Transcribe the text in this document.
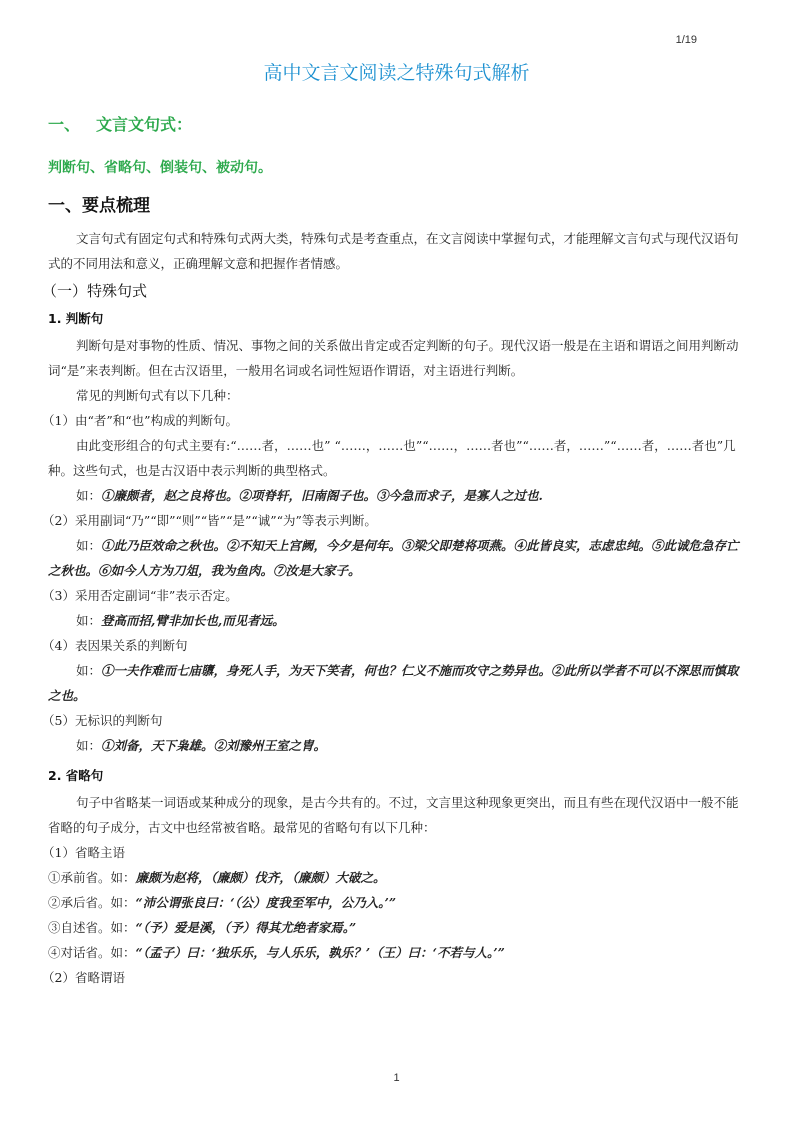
1/19
高中文言文阅读之特殊句式解析
一、 文言文句式：
判断句、省略句、倒装句、被动句。
一、要点梳理

文言句式有固定句式和特殊句式两大类，特殊句式是考查重点，在文言阅读中掌握句式，才能理解文言句式与现代汉语句式的不同用法和意义，正确理解文意和把握作者情感。

（一）特殊句式
1. 判断句

判断句是对事物的性质、情况、事物之间的关系做出肯定或否定判断的句子。现代汉语一般是在主语和谓语之间用判断动词“是”来表判断。但在古汉语里，一般用名词或名词性短语作谓语，对主语进行判断。

常见的判断句式有以下几种：

（1）由“者”和“也”构成的判断句。

由此变形组合的句式主要有:“……者，……也” “……，……也”“……，……者也”“……者，……”“……者，……者也”几种。这些句式，也是古汉语中表示判断的典型格式。

如：①廉颇者，赵之良将也。②项脊轩，旧南阁子也。③今急而求子，是寡人之过也.

（2）采用副词“乃”“即”“则”“皆”“是”“诚”“为”等表示判断。

如：①此乃臣效命之秋也。②不知天上宫阙，今夕是何年。③梁父即楚将项燕。④此皆良实，志虑忠纯。⑤此诚危急存亡之秋也。⑥如今人方为刀俎，我为鱼肉。⑦汝是大家子。

（3）采用否定副词“非”表示否定。

如：登高而招,臂非加长也,而见者远。

（4）表因果关系的判断句

如：①一夫作难而七庙隳，身死人手，为天下笑者，何也？仁义不施而攻守之势异也。②此所以学者不可以不深思而慎取之也。

（5）无标识的判断句

如：①刘备，天下枭雄。②刘豫州王室之胄。

2. 省略句

句子中省略某一词语或某种成分的现象，是古今共有的。不过，文言里这种现象更突出，而且有些在现代汉语中一般不能省略的句子成分，古文中也经常被省略。最常见的省略句有以下几种：

（1）省略主语

①承前省。如：廉颇为赵将，（廉颇）伐齐，（廉颇）大破之。

②承后省。如：“沛公谓张良曰：‘（公）度我至军中，公乃入。’”

③自述省。如：“（予）爱是溪，（予）得其尤绝者家焉。”

④对话省。如：“（孟子）曰：‘独乐乐，与人乐乐，孰乐？’（王）曰：‘不若与人。’”

（2）省略谓语

1
